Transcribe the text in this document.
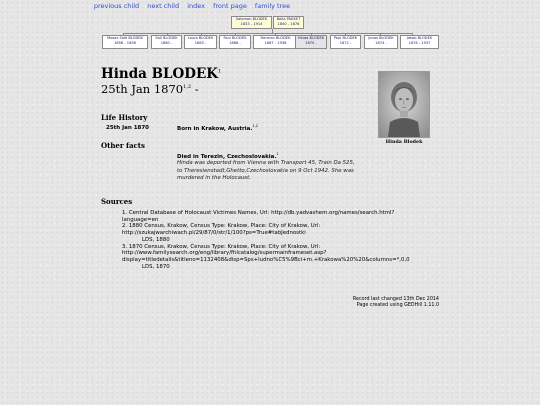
previous child next child index front page family tree
Salomon BLODEK
1833 - 1914
Beila PAKKET
1840 - 1878
Mosas Salé BLODEK
1856 - 1856
Sali BLODEK
1860 -
Laura BLODEK
1863 -
Fani BLODEK
1866 -
Herman BLODEK
1867 - 1938
Hinda BLODEK
1870 -
Pepi BLODEK
1872 -
Jonas BLODEK
1874 -
Jakob BLODEK
1876 - 1937
Hinda BLODEK$^1$
25th Jan 1870$^{1,2}$ -
Hinda Blodek
Life History
25th Jan 1870	Born in Krakow, Austria.$^{1,2}$
Other facts
Died in Terezin, Czechoslovakia.$^1$
Hinda was deported from Vienna with Transport 45, Train Da 525,
to Theresienstadt,Ghetto,Czechoslovakia on 9 Oct 1942. She was
murdered in the Holocaust.
Sources
1. Central Database of Holocaust Victimes Names, Url: http://db.yadvashem.org/names/search.html?
language=en
2. 1880 Census, Krakow, Census Type: Krakow, Place: City of Krakow, Url:
http://szukajwarchiwach.pl/29/87/0/str/1/100?ps=True#tabJednostki
LDS, 1880
3. 1870 Census, Krakow, Census Type: Krakow, Place: City of Krakow, Url:
http://www.familysearch.org/eng/library/fhlcatalog/supermainframeset.asp?
display=titledetails&titleno=1132408&disp=Sps+ludno%C5%9Bci+m.+Krakowa%20%20&columns=*,0,0
LDS, 1870
Record last changed 13th Dec 2014
Page created using GEDHill 1.11.0
